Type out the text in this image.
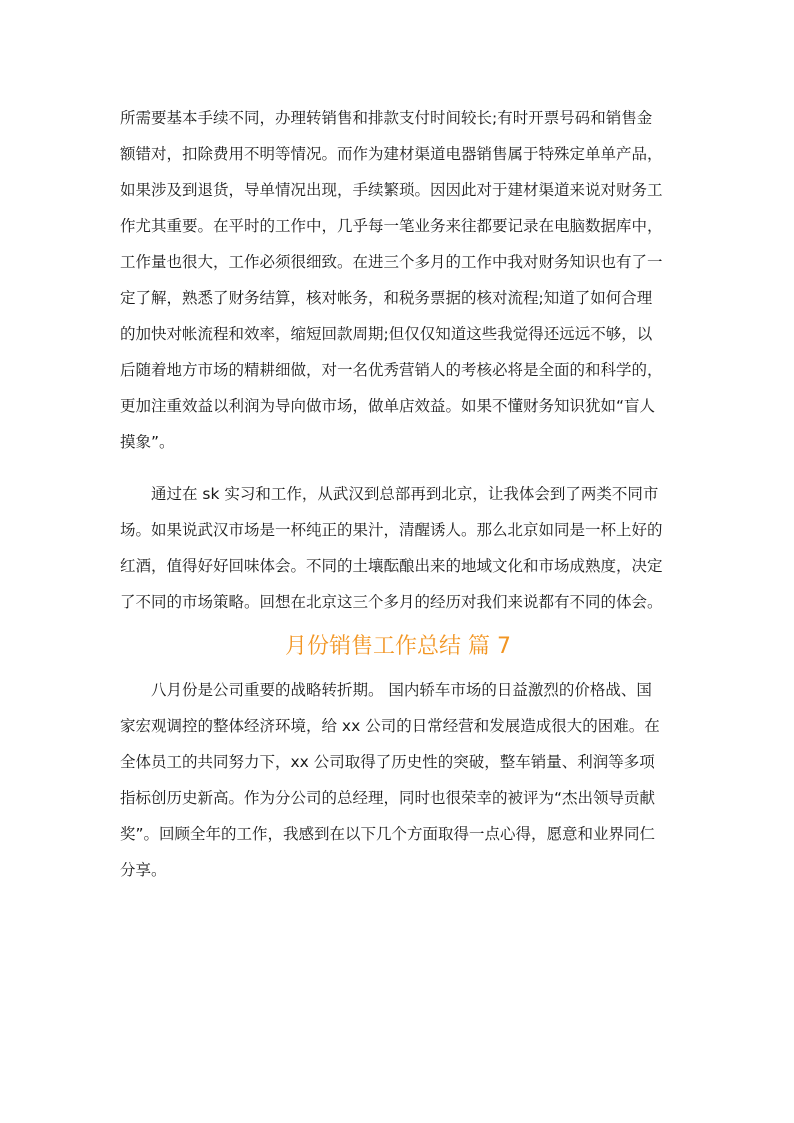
所需要基本手续不同，办理转销售和排款支付时间较长;有时开票号码和销售金
额错对，扣除费用不明等情况。而作为建材渠道电器销售属于特殊定单单产品，
如果涉及到退货，导单情况出现，手续繁琐。因因此对于建材渠道来说对财务工
作尤其重要。在平时的工作中，几乎每一笔业务来往都要记录在电脑数据库中，
工作量也很大，工作必须很细致。在进三个多月的工作中我对财务知识也有了一
定了解，熟悉了财务结算，核对帐务，和税务票据的核对流程;知道了如何合理
的加快对帐流程和效率，缩短回款周期;但仅仅知道这些我觉得还远远不够，以
后随着地方市场的精耕细做，对一名优秀营销人的考核必将是全面的和科学的，
更加注重效益以利润为导向做市场，做单店效益。如果不懂财务知识犹如“盲人
摸象”。
通过在 sk 实习和工作，从武汉到总部再到北京，让我体会到了两类不同市
场。如果说武汉市场是一杯纯正的果汁，清醒诱人。那么北京如同是一杯上好的
红酒，值得好好回味体会。不同的土壤酝酿出来的地域文化和市场成熟度，决定
了不同的市场策略。回想在北京这三个多月的经历对我们来说都有不同的体会。
月份销售工作总结 篇 7
八月份是公司重要的战略转折期。 国内轿车市场的日益激烈的价格战、国
家宏观调控的整体经济环境，给 xx 公司的日常经营和发展造成很大的困难。在
全体员工的共同努力下，xx 公司取得了历史性的突破，整车销量、利润等多项
指标创历史新高。作为分公司的总经理，同时也很荣幸的被评为“杰出领导贡献
奖”。回顾全年的工作，我感到在以下几个方面取得一点心得，愿意和业界同仁
分享。
